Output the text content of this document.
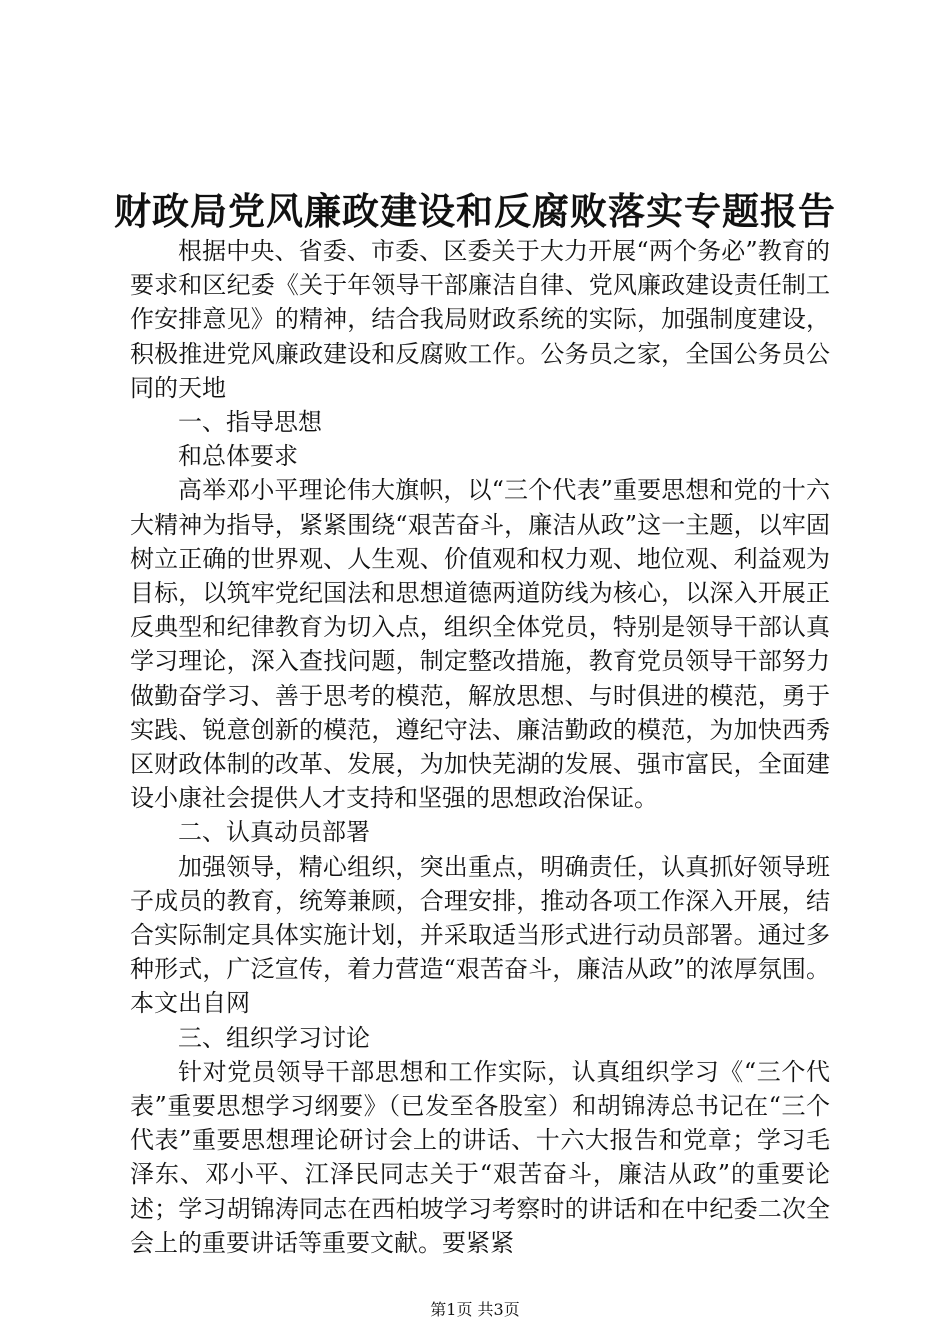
财政局党风廉政建设和反腐败落实专题报告

根据中央、省委、市委、区委关于大力开展“两个务必”教育的要求和区纪委《关于年领导干部廉洁自律、党风廉政建设责任制工作安排意见》的精神，结合我局财政系统的实际，加强制度建设，积极推进党风廉政建设和反腐败工作。公务员之家，全国公务员公同的天地

一、指导思想

和总体要求

高举邓小平理论伟大旗帜，以“三个代表”重要思想和党的十六大精神为指导，紧紧围绕“艰苦奋斗，廉洁从政”这一主题，以牢固树立正确的世界观、人生观、价值观和权力观、地位观、利益观为目标，以筑牢党纪国法和思想道德两道防线为核心，以深入开展正反典型和纪律教育为切入点，组织全体党员，特别是领导干部认真学习理论，深入查找问题，制定整改措施，教育党员领导干部努力做勤奋学习、善于思考的模范，解放思想、与时俱进的模范，勇于实践、锐意创新的模范，遵纪守法、廉洁勤政的模范，为加快西秀区财政体制的改革、发展，为加快芜湖的发展、强市富民，全面建设小康社会提供人才支持和坚强的思想政治保证。

二、认真动员部署

加强领导，精心组织，突出重点，明确责任，认真抓好领导班子成员的教育，统筹兼顾，合理安排，推动各项工作深入开展，结合实际制定具体实施计划，并采取适当形式进行动员部署。通过多种形式，广泛宣传，着力营造“艰苦奋斗，廉洁从政”的浓厚氛围。本文出自网

三、组织学习讨论

针对党员领导干部思想和工作实际，认真组织学习《“三个代表”重要思想学习纲要》（已发至各股室）和胡锦涛总书记在“三个代表”重要思想理论研讨会上的讲话、十六大报告和党章；学习毛泽东、邓小平、江泽民同志关于“艰苦奋斗，廉洁从政”的重要论述；学习胡锦涛同志在西柏坡学习考察时的讲话和在中纪委二次全会上的重要讲话等重要文献。要紧紧

第1页 共3页
